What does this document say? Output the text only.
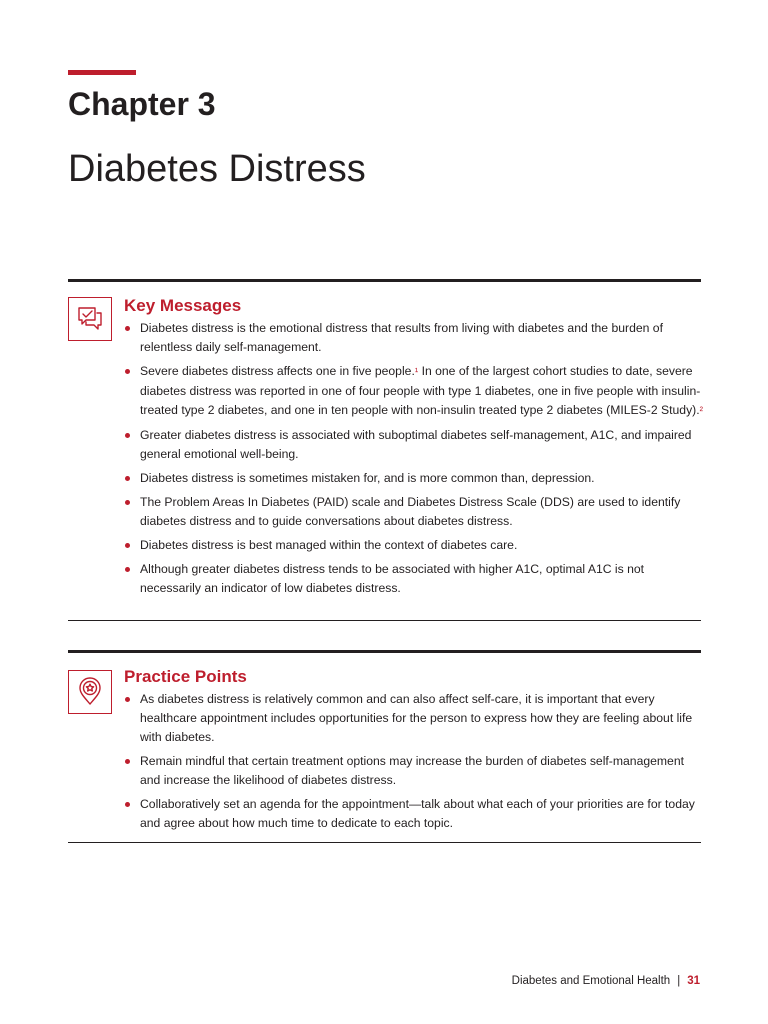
Chapter 3
Diabetes Distress
Key Messages
Diabetes distress is the emotional distress that results from living with diabetes and the burden of relentless daily self-management.
Severe diabetes distress affects one in five people.¹ In one of the largest cohort studies to date, severe diabetes distress was reported in one of four people with type 1 diabetes, one in five people with insulin-treated type 2 diabetes, and one in ten people with non-insulin treated type 2 diabetes (MILES-2 Study).²
Greater diabetes distress is associated with suboptimal diabetes self-management, A1C, and impaired general emotional well-being.
Diabetes distress is sometimes mistaken for, and is more common than, depression.
The Problem Areas In Diabetes (PAID) scale and Diabetes Distress Scale (DDS) are used to identify diabetes distress and to guide conversations about diabetes distress.
Diabetes distress is best managed within the context of diabetes care.
Although greater diabetes distress tends to be associated with higher A1C, optimal A1C is not necessarily an indicator of low diabetes distress.
Practice Points
As diabetes distress is relatively common and can also affect self-care, it is important that every healthcare appointment includes opportunities for the person to express how they are feeling about life with diabetes.
Remain mindful that certain treatment options may increase the burden of diabetes self-management and increase the likelihood of diabetes distress.
Collaboratively set an agenda for the appointment—talk about what each of your priorities are for today and agree about how much time to dedicate to each topic.
Diabetes and Emotional Health | 31
